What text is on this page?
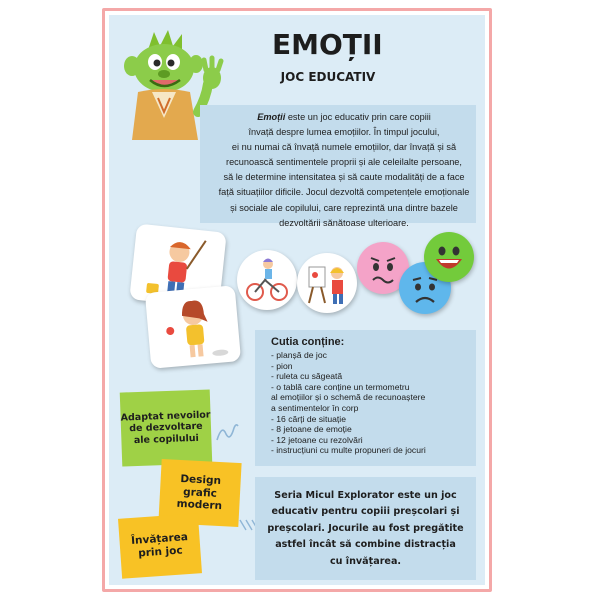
EMOȚII
JOC EDUCATIV
Emoții este un joc educativ prin care copiii
învață despre lumea emoțiilor. În timpul jocului,
ei nu numai că învață numele emoțiilor, dar învață și să
recunoască sentimentele proprii și ale celeilalte persoane,
să le determine intensitatea și să caute modalități de a face
față situațiilor dificile. Jocul dezvoltă competențele emoționale
și sociale ale copilului, care reprezintă una dintre bazele
dezvoltării sănătoase ulterioare.
Cutia conține:
- planșă de joc
- pion
- ruleta cu săgeată
- o tablă care conține un termometru
al emoțiilor și o schemă de recunoaștere
a sentimentelor în corp
- 16 cărți de situație
- 8 jetoane de emoție
- 12 jetoane cu rezolvări
- instrucțiuni cu multe propuneri de jocuri
Adaptat nevoilor
de dezvoltare
ale copilului
Design
grafic
modern
Învățarea
prin joc
Seria Micul Explorator este un joc
educativ pentru copiii preșcolari și
preșcolari. Jocurile au fost pregătite
astfel încât să combine distracția
cu învățarea.
